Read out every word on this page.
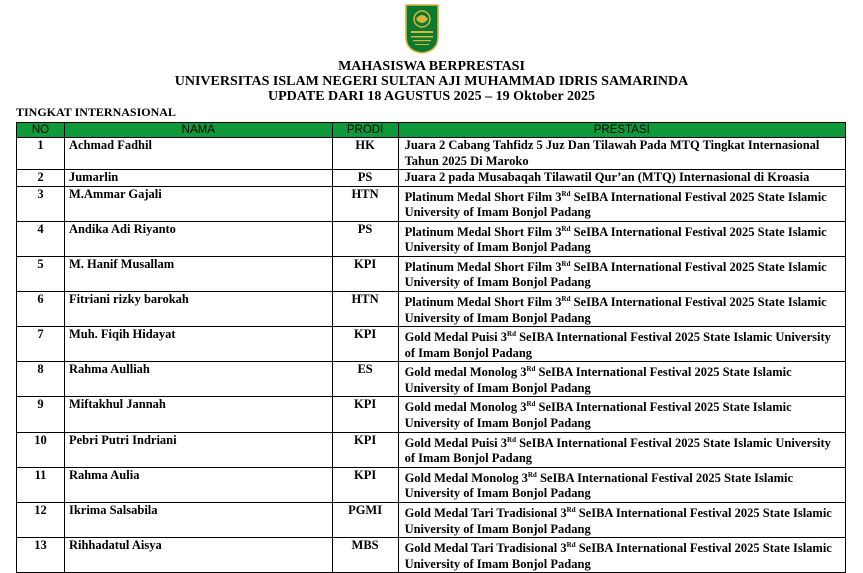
MAHASISWA BERPRESTASI
UNIVERSITAS ISLAM NEGERI SULTAN AJI MUHAMMAD IDRIS SAMARINDA
UPDATE DARI 18 AGUSTUS 2025 – 19 Oktober 2025
TINGKAT INTERNASIONAL
NO	NAMA	PRODI	PRESTASI
1	Achmad Fadhil	HK	Juara 2 Cabang Tahfidz 5 Juz Dan Tilawah Pada MTQ Tingkat Internasional Tahun 2025 Di Maroko
2	Jumarlin	PS	Juara 2 pada Musabaqah Tilawatil Qur’an (MTQ) Internasional di Kroasia
3	M.Ammar Gajali	HTN	Platinum Medal Short Film 3Rd SeIBA International Festival 2025 State Islamic University of Imam Bonjol Padang
4	Andika Adi Riyanto	PS	Platinum Medal Short Film 3Rd SeIBA International Festival 2025 State Islamic University of Imam Bonjol Padang
5	M. Hanif Musallam	KPI	Platinum Medal Short Film 3Rd SeIBA International Festival 2025 State Islamic University of Imam Bonjol Padang
6	Fitriani rizky barokah	HTN	Platinum Medal Short Film 3Rd SeIBA International Festival 2025 State Islamic University of Imam Bonjol Padang
7	Muh. Fiqih Hidayat	KPI	Gold Medal Puisi 3Rd SeIBA International Festival 2025 State Islamic University of Imam Bonjol Padang
8	Rahma Aulliah	ES	Gold medal Monolog 3Rd SeIBA International Festival 2025 State Islamic University of Imam Bonjol Padang
9	Miftakhul Jannah	KPI	Gold medal Monolog 3Rd SeIBA International Festival 2025 State Islamic University of Imam Bonjol Padang
10	Pebri Putri Indriani	KPI	Gold Medal Puisi 3Rd SeIBA International Festival 2025 State Islamic University of Imam Bonjol Padang
11	Rahma Aulia	KPI	Gold Medal Monolog 3Rd SeIBA International Festival 2025 State Islamic University of Imam Bonjol Padang
12	Ikrima Salsabila	PGMI	Gold Medal Tari Tradisional 3Rd SeIBA International Festival 2025 State Islamic University of Imam Bonjol Padang
13	Rihhadatul Aisya	MBS	Gold Medal Tari Tradisional 3Rd SeIBA International Festival 2025 State Islamic University of Imam Bonjol Padang
